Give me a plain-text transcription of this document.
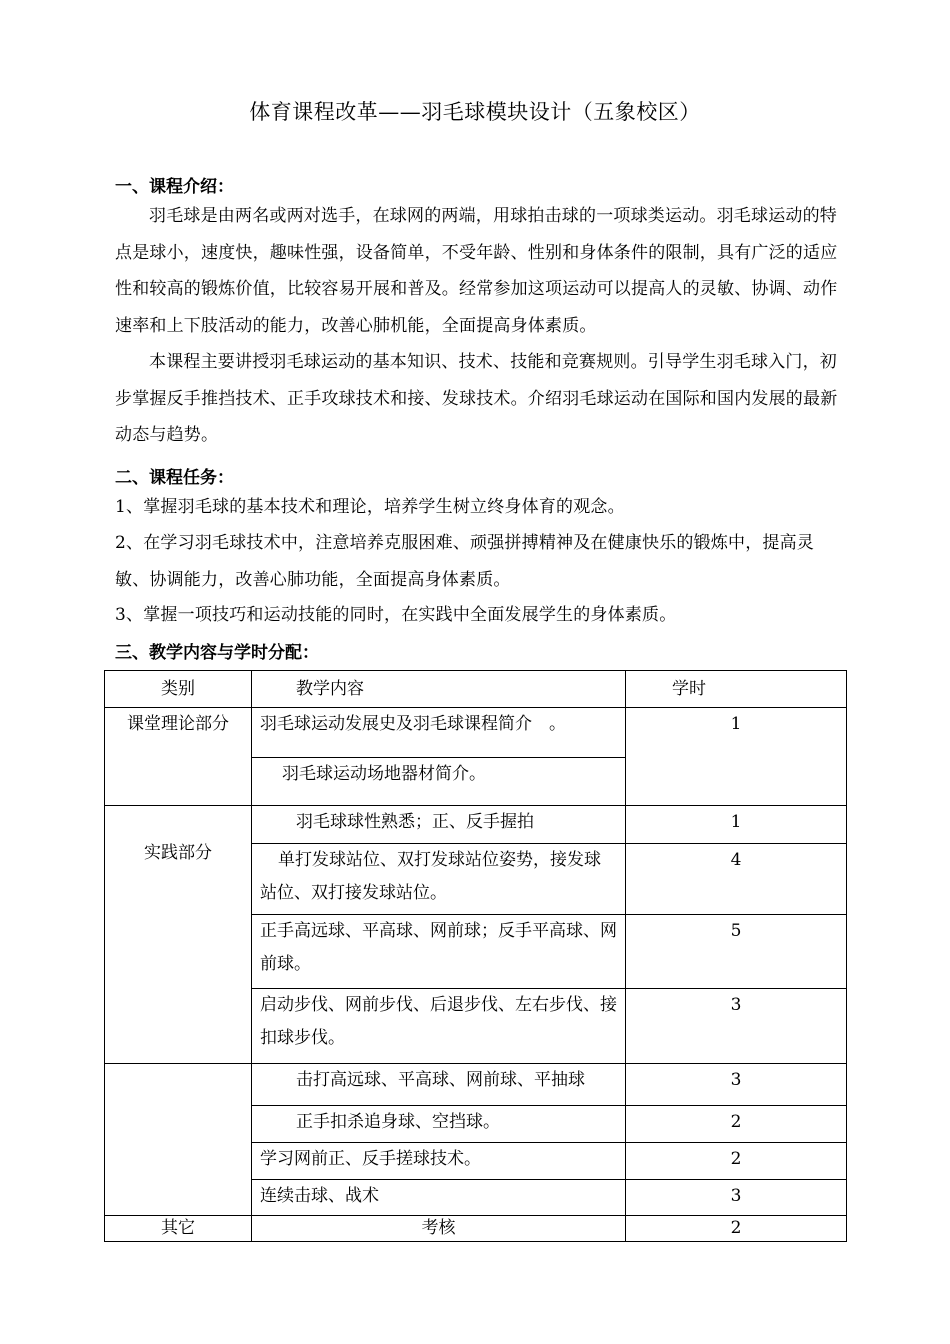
体育课程改革——羽毛球模块设计（五象校区）
一、课程介绍：
羽毛球是由两名或两对选手，在球网的两端，用球拍击球的一项球类运动。羽毛球运动的特点是球小，速度快，趣味性强，设备简单，不受年龄、性别和身体条件的限制，具有广泛的适应性和较高的锻炼价值，比较容易开展和普及。经常参加这项运动可以提高人的灵敏、协调、动作速率和上下肢活动的能力，改善心肺机能，全面提高身体素质。
本课程主要讲授羽毛球运动的基本知识、技术、技能和竞赛规则。引导学生羽毛球入门，初步掌握反手推挡技术、正手攻球技术和接、发球技术。介绍羽毛球运动在国际和国内发展的最新动态与趋势。
二、课程任务：
1、掌握羽毛球的基本技术和理论，培养学生树立终身体育的观念。
2、在学习羽毛球技术中，注意培养克服困难、顽强拼搏精神及在健康快乐的锻炼中，提高灵敏、协调能力，改善心肺功能，全面提高身体素质。
3、掌握一项技巧和运动技能的同时，在实践中全面发展学生的身体素质。
三、教学内容与学时分配：
类别	教学内容	学时
课堂理论部分	羽毛球运动发展史及羽毛球课程简介　。	1
	羽毛球运动场地器材简介。	
实践部分	羽毛球球性熟悉；正、反手握拍	1
	单打发球站位、双打发球站位姿势，接发球站位、双打接发球站位。	4
	正手高远球、平高球、网前球；反手平高球、网前球。	5
	启动步伐、网前步伐、后退步伐、左右步伐、接扣球步伐。	3
	击打高远球、平高球、网前球、平抽球	3
	正手扣杀追身球、空挡球。	2
	学习网前正、反手搓球技术。	2
	连续击球、战术	3
其它	考核	2
